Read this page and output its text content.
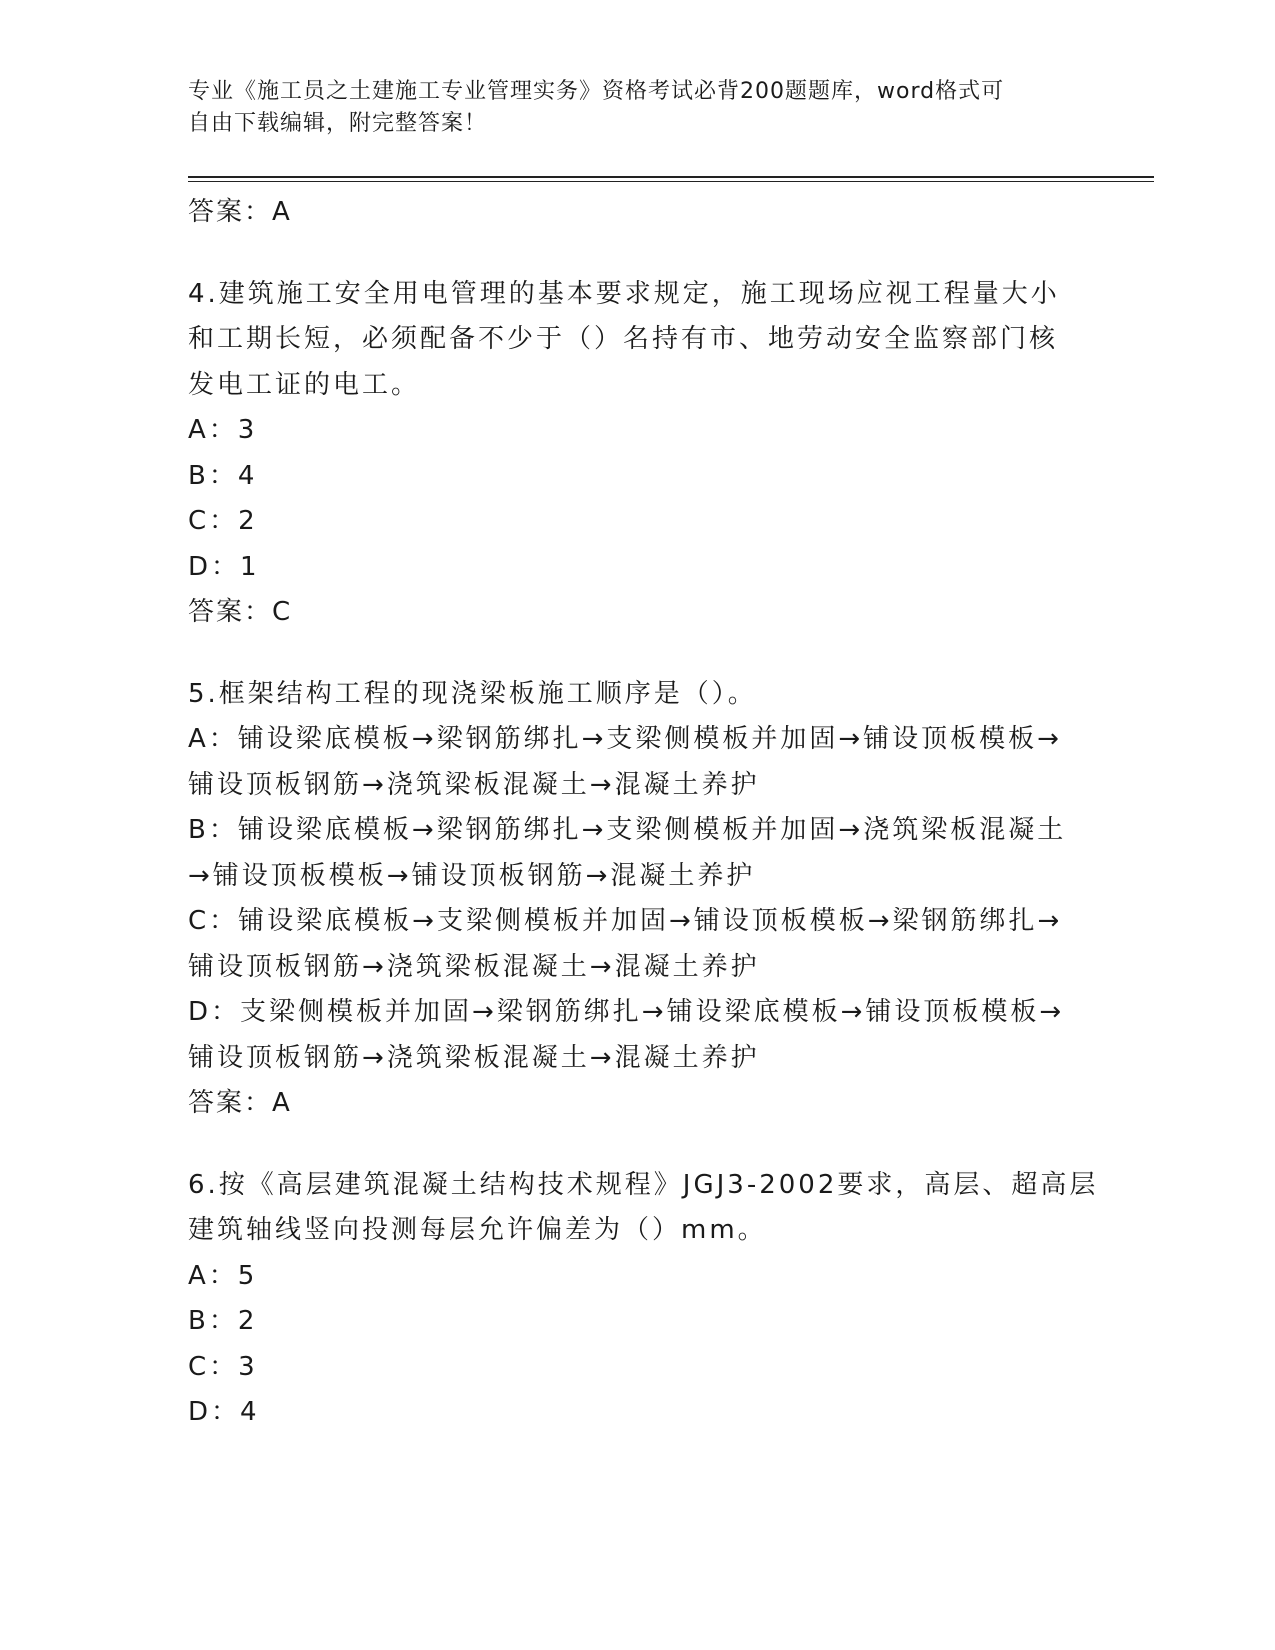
专业《施工员之土建施工专业管理实务》资格考试必背200题题库，word格式可
自由下载编辑，附完整答案！
答案：A
4.建筑施工安全用电管理的基本要求规定，施工现场应视工程量大小
和工期长短，必须配备不少于（）名持有市、地劳动安全监察部门核
发电工证的电工。
A：3
B：4
C：2
D：1
答案：C
5.框架结构工程的现浇梁板施工顺序是（）。
A：铺设梁底模板→梁钢筋绑扎→支梁侧模板并加固→铺设顶板模板→
铺设顶板钢筋→浇筑梁板混凝土→混凝土养护
B：铺设梁底模板→梁钢筋绑扎→支梁侧模板并加固→浇筑梁板混凝土
→铺设顶板模板→铺设顶板钢筋→混凝土养护
C：铺设梁底模板→支梁侧模板并加固→铺设顶板模板→梁钢筋绑扎→
铺设顶板钢筋→浇筑梁板混凝土→混凝土养护
D：支梁侧模板并加固→梁钢筋绑扎→铺设梁底模板→铺设顶板模板→
铺设顶板钢筋→浇筑梁板混凝土→混凝土养护
答案：A
6.按《高层建筑混凝土结构技术规程》JGJ3-2002要求，高层、超高层
建筑轴线竖向投测每层允许偏差为（）mm。
A：5
B：2
C：3
D：4
